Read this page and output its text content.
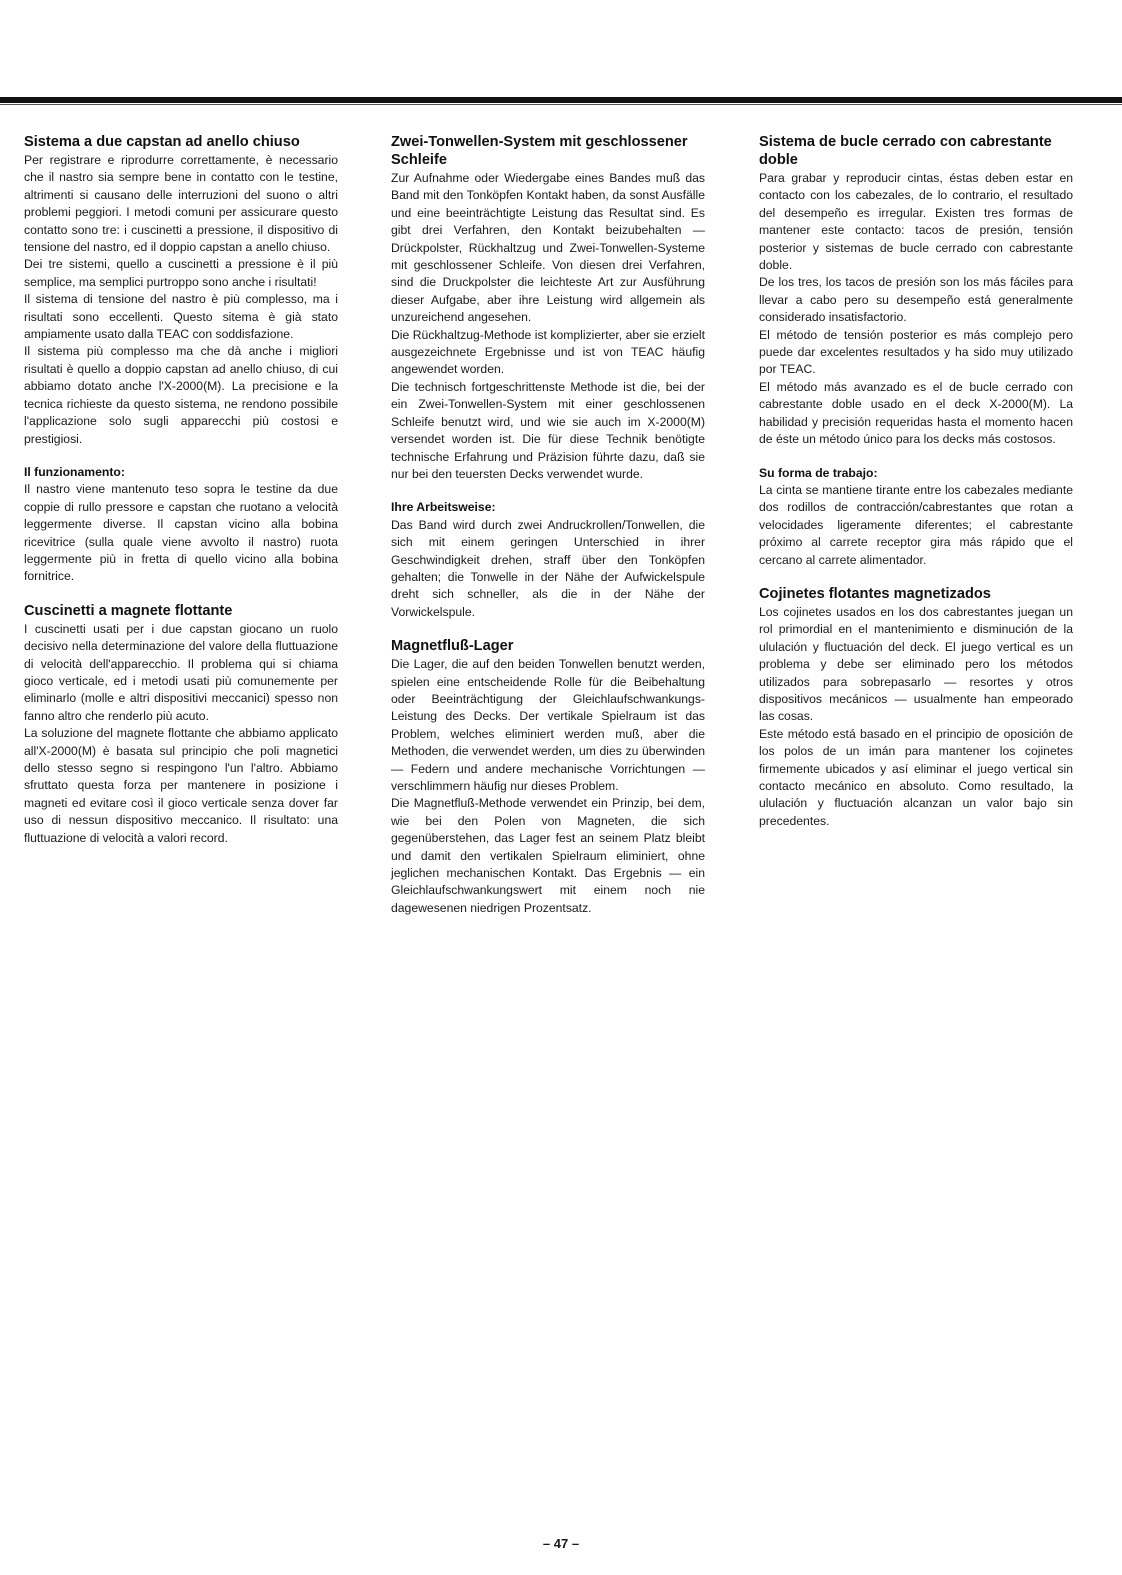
Sistema a due capstan ad anello chiuso

Per registrare e riprodurre correttamente, è necessario che il nastro sia sempre bene in contatto con le testine, altrimenti si causano delle interruzioni del suono o altri problemi peggiori. I metodi comuni per assicurare questo contatto sono tre: i cuscinetti a pressione, il dispositivo di tensione del nastro, ed il doppio capstan a anello chiuso.

Dei tre sistemi, quello a cuscinetti a pressione è il più semplice, ma semplici purtroppo sono anche i risultati!

Il sistema di tensione del nastro è più complesso, ma i risultati sono eccellenti. Questo sitema è già stato ampiamente usato dalla TEAC con soddisfazione.

Il sistema più complesso ma che dà anche i migliori risultati è quello a doppio capstan ad anello chiuso, di cui abbiamo dotato anche l'X-2000(M). La precisione e la tecnica richieste da questo sistema, ne rendono possibile l'applicazione solo sugli apparecchi più costosi e prestigiosi.

Il funzionamento:

Il nastro viene mantenuto teso sopra le testine da due coppie di rullo pressore e capstan che ruotano a velocità leggermente diverse. Il capstan vicino alla bobina ricevitrice (sulla quale viene avvolto il nastro) ruota leggermente più in fretta di quello vicino alla bobina fornitrice.

Cuscinetti a magnete flottante

I cuscinetti usati per i due capstan giocano un ruolo decisivo nella determinazione del valore della fluttuazione di velocità dell'apparecchio. Il problema qui si chiama gioco verticale, ed i metodi usati più comunemente per eliminarlo (molle e altri dispositivi meccanici) spesso non fanno altro che renderlo più acuto.

La soluzione del magnete flottante che abbiamo applicato all'X-2000(M) è basata sul principio che poli magnetici dello stesso segno si respingono l'un l'altro. Abbiamo sfruttato questa forza per mantenere in posizione i magneti ed evitare così il gioco verticale senza dover far uso di nessun dispositivo meccanico. Il risultato: una fluttuazione di velocità a valori record.

Zwei-Tonwellen-System mit geschlossener Schleife

Zur Aufnahme oder Wiedergabe eines Bandes muß das Band mit den Tonköpfen Kontakt haben, da sonst Ausfälle und eine beeinträchtigte Leistung das Resultat sind. Es gibt drei Verfahren, den Kontakt beizubehalten — Drückpolster, Rückhaltzug und Zwei-Tonwellen-Systeme mit geschlossener Schleife. Von diesen drei Verfahren, sind die Druckpolster die leichteste Art zur Ausführung dieser Aufgabe, aber ihre Leistung wird allgemein als unzureichend angesehen.

Die Rückhaltzug-Methode ist komplizierter, aber sie erzielt ausgezeichnete Ergebnisse und ist von TEAC häufig angewendet worden.

Die technisch fortgeschrittenste Methode ist die, bei der ein Zwei-Tonwellen-System mit einer geschlossenen Schleife benutzt wird, und wie sie auch im X-2000(M) versendet worden ist. Die für diese Technik benötigte technische Erfahrung und Präzision führte dazu, daß sie nur bei den teuersten Decks verwendet wurde.

Ihre Arbeitsweise:

Das Band wird durch zwei Andruckrollen/Tonwellen, die sich mit einem geringen Unterschied in ihrer Geschwindigkeit drehen, straff über den Tonköpfen gehalten; die Tonwelle in der Nähe der Aufwickelspule dreht sich schneller, als die in der Nähe der Vorwickelspule.

Magnetfluß-Lager

Die Lager, die auf den beiden Tonwellen benutzt werden, spielen eine entscheidende Rolle für die Beibehaltung oder Beeinträchtigung der Gleichlaufschwankungs-Leistung des Decks. Der vertikale Spielraum ist das Problem, welches eliminiert werden muß, aber die Methoden, die verwendet werden, um dies zu überwinden — Federn und andere mechanische Vorrichtungen — verschlimmern häufig nur dieses Problem.

Die Magnetfluß-Methode verwendet ein Prinzip, bei dem, wie bei den Polen von Magneten, die sich gegenüberstehen, das Lager fest an seinem Platz bleibt und damit den vertikalen Spielraum eliminiert, ohne jeglichen mechanischen Kontakt. Das Ergebnis — ein Gleichlaufschwankungswert mit einem noch nie dagewesenen niedrigen Prozentsatz.

Sistema de bucle cerrado con cabrestante doble

Para grabar y reproducir cintas, éstas deben estar en contacto con los cabezales, de lo contrario, el resultado del desempeño es irregular. Existen tres formas de mantener este contacto: tacos de presión, tensión posterior y sistemas de bucle cerrado con cabrestante doble.

De los tres, los tacos de presión son los más fáciles para llevar a cabo pero su desempeño está generalmente considerado insatisfactorio.

El método de tensión posterior es más complejo pero puede dar excelentes resultados y ha sido muy utilizado por TEAC.

El método más avanzado es el de bucle cerrado con cabrestante doble usado en el deck X-2000(M). La habilidad y precisión requeridas hasta el momento hacen de éste un método único para los decks más costosos.

Su forma de trabajo:

La cinta se mantiene tirante entre los cabezales mediante dos rodillos de contracción/cabrestantes que rotan a velocidades ligeramente diferentes; el cabrestante próximo al carrete receptor gira más rápido que el cercano al carrete alimentador.

Cojinetes flotantes magnetizados

Los cojinetes usados en los dos cabrestantes juegan un rol primordial en el mantenimiento e disminución de la ululación y fluctuación del deck. El juego vertical es un problema y debe ser eliminado pero los métodos utilizados para sobrepasarlo — resortes y otros dispositivos mecánicos — usualmente han empeorado las cosas.

Este método está basado en el principio de oposición de los polos de un imán para mantener los cojinetes firmemente ubicados y así eliminar el juego vertical sin contacto mecánico en absoluto. Como resultado, la ululación y fluctuación alcanzan un valor bajo sin precedentes.

– 47 –
